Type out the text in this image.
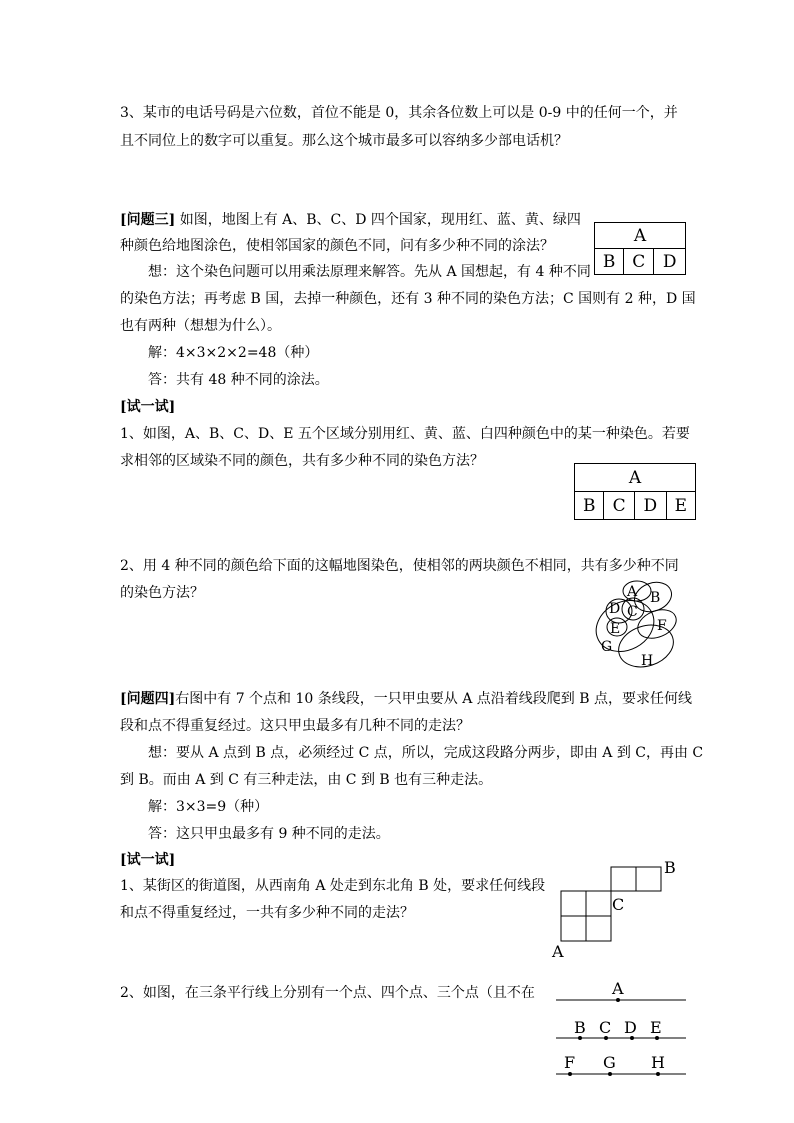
3、某市的电话号码是六位数，首位不能是 0，其余各位数上可以是 0-9 中的任何一个，并
且不同位上的数字可以重复。那么这个城市最多可以容纳多少部电话机？
[问题三] 如图，地图上有 A、B、C、D 四个国家，现用红、蓝、黄、绿四
种颜色给地图涂色，使相邻国家的颜色不同，问有多少种不同的涂法？
想：这个染色问题可以用乘法原理来解答。先从 A 国想起，有 4 种不同
的染色方法；再考虑 B 国，去掉一种颜色，还有 3 种不同的染色方法；C 国则有 2 种，D 国
也有两种（想想为什么）。
解：4×3×2×2=48（种）
答：共有 48 种不同的涂法。
A
B	C	D
[试一试]
1、如图，A、B、C、D、E 五个区域分别用红、黄、蓝、白四种颜色中的某一种染色。若要
求相邻的区域染不同的颜色，共有多少种不同的染色方法？
A
B	C	D	E
2、用 4 种不同的颜色给下面的这幅地图染色，使相邻的两块颜色不相同，共有多少种不同
的染色方法？	A B
C
D
E	F
G
H
[问题四]右图中有 7 个点和 10 条线段，一只甲虫要从 A 点沿着线段爬到 B 点，要求任何线
段和点不得重复经过。这只甲虫最多有几种不同的走法？
想：要从 A 点到 B 点，必须经过 C 点，所以，完成这段路分两步，即由 A 到 C，再由 C
到 B。而由 A 到 C 有三种走法，由 C 到 B 也有三种走法。
解：3×3=9（种）
答：这只甲虫最多有 9 种不同的走法。
[试一试]
1、某街区的街道图，从西南角 A 处走到东北角 B 处，要求任何线段
和点不得重复经过，一共有多少种不同的走法？
A
B
C
2、如图，在三条平行线上分别有一个点、四个点、三个点（且不在	A
B C D E
F G H
